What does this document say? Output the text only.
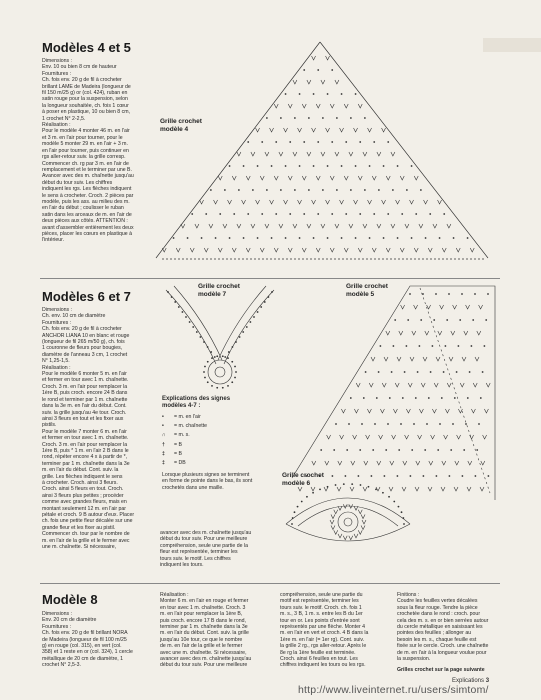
Modèles 4 et 5
Dimensions :
Env. 10 ou bien 8 cm de hauteur
Fournitures :
Ch. fois env. 20 g de fil à crocheter
brillant LAME de Madeira (longueur de
fil 150 m/25 g) or (col. 424), ruban en
satin rouge pour la suspension, selon
la longueur souhaitée, ch. fois 1 cœur
à poser en plastique, 10 ou bien 8 cm,
1 crochet N° 2-2,5.
Réalisation :
Pour le modèle 4 monter 46 m. en l'air
et 3 m. en l'air pour tourner, pour le
modèle 5 monter 29 m. en l'air + 3 m.
en l'air pour tourner, puis continuer en
rgs aller-retour suiv. la grille corresp.
Commencer ch. rg par 3 m. en l'air de
remplacement et le terminer par une B.
Avancer avec des m. chaînette jusqu'au
début du tour suiv. Les chiffres
indiquent les rgs. Les flèches indiquent
le sens à crocheter. Croch. 2 pièces par
modèle, puis les ass. au milieu des m.
en l'air du début ; coulisser le ruban
satin dans les arceaux de m. en l'air de
deux pièces aux côtés. ATTENTION :
avant d'assembler entièrement les deux
pièces, placer les cœurs en plastique à
l'intérieur.
Grille crochet
modèle 4
Modèles 6 et 7
Dimensions :
Ch. env. 10 cm de diamètre
Fournitures :
Ch. fois env. 20 g de fil à crocheter
ANCHOR LIANA 10 en blanc et rouge
(longueur de fil 265 m/50 g), ch. fois
1 couronne de fleurs pour bougies,
diamètre de l'anneau 3 cm, 1 crochet
N° 1,25-1,5.
Réalisation :
Pour le modèle 6 monter 5 m. en l'air
et fermer en tour avec 1 m. chaînette.
Croch. 3 m. en l'air pour remplacer la
1ère B, puis croch. encore 24 B dans
le rond et terminer par 1 m. chaînette
dans la 3e m. en l'air du début. Cont.
suiv. la grille jusqu'au 4e tour. Croch.
ainsi 3 fleurs en tout et les fixer aux
pistils.
Pour le modèle 7 monter 6 m. en l'air
et fermer en tour avec 1 m. chaînette.
Croch. 3 m. en l'air pour remplacer la
1ère B, puis * 1 m. en l'air 2 B dans le
rond, répéter encore 4 x à partir de *,
terminer par 1 m. chaînette dans la 3e
m. en l'air du début. Cont. suiv. la
grille. Les flèches indiquent le sens
à crocheter. Croch. ainsi 3 fleurs.
Croch. ainsi 5 fleurs en tout. Croch.
ainsi 3 fleurs plus petites ; procéder
comme avec grandes fleurs, mais en
montant seulement 12 m. en l'air par
pétale et croch. 9 B autour d'eux. Placer
ch. fois une petite fleur décalée sur une
grande fleur et les fixer au pistil.
Commencer ch. tour par le nombre de
m. en l'air de la grille et le fermer avec
une m. chaînette. Si nécessaire,
Grille crochet
modèle 7
Grille crochet
modèle 5
Explications des signes
modèles 4-7 :
• = m. en l'air
• = m. chaînette
∩ = m. s.
† = B
‡ = B
‡ = DB
Lorsque plusieurs signes se terminent
en forme de pointe dans le bas, ils sont
crochetés dans une maille.
avancer avec des m. chaînette jusqu'au
début du tour suiv. Pour une meilleure
compréhension, seule une partie de la
fleur est représentée, terminer les
tours suiv. le motif. Les chiffres
indiquent les tours.
Grille crochet
modèle 6
Modèle 8
Dimensions :
Env. 20 cm de diamètre
Fournitures :
Ch. fois env. 20 g de fil brillant NORA
de Madeira (longueur de fil 100 m/25
g) en rouge (col. 315), en vert (col.
358) et 1 reste en or (col. 324), 1 cercle
métallique de 20 cm de diamètre, 1
crochet N° 2,5-3.
Réalisation :
Monter 6 m. en l'air en rouge et fermer
en tour avec 1 m. chaînette. Croch. 3
m. en l'air pour remplacer la 1ère B,
puis croch. encore 17 B dans le rond,
terminer par 1 m. chaînette dans la 3e
m. en l'air du début. Cont. suiv. la grille
jusqu'au 10e tour, ce que le nombre
de m. en l'air de la grille et le fermer
avec une m. chaînette. Si nécessaire,
avancer avec des m. chaînette jusqu'au
début du tour suiv. Pour une meilleure
compréhension, seule une partie du
motif est représentée, terminer les
tours suiv. le motif. Croch. ch. fois 1
m. s., 3 B, 1 m. s. entre les B du 1er
tour en or. Les points d'entrée sont
représentés par une flèche. Monter 4
m. en l'air en vert et croch. 4 B dans la
1ère m. en l'air (= 1er rg). Cont. suiv.
la grille 2 rg., rgs aller-retour. Après le
8e rg la 1ère feuille est terminée.
Croch. ainsi 6 feuilles en tout. Les
chiffres indiquent les tours ou les rgs.
Finitions :
Coudre les feuilles vertes décalées
sous la fleur rouge. Tendre la pièce
crochetée dans le rond : croch. pour
cela des m. s. en or bien serrées autour
du cercle métallique en saisissant les
pointes des feuilles ; allonger au
besoin les m. s., chaque feuille est
fixée sur le cercle. Croch. une chaînette
de m. en l'air à la longueur voulue pour
la suspension.
Grilles crochet sur la page suivante
Explications 3
http://www.liveinternet.ru/users/simtom/
